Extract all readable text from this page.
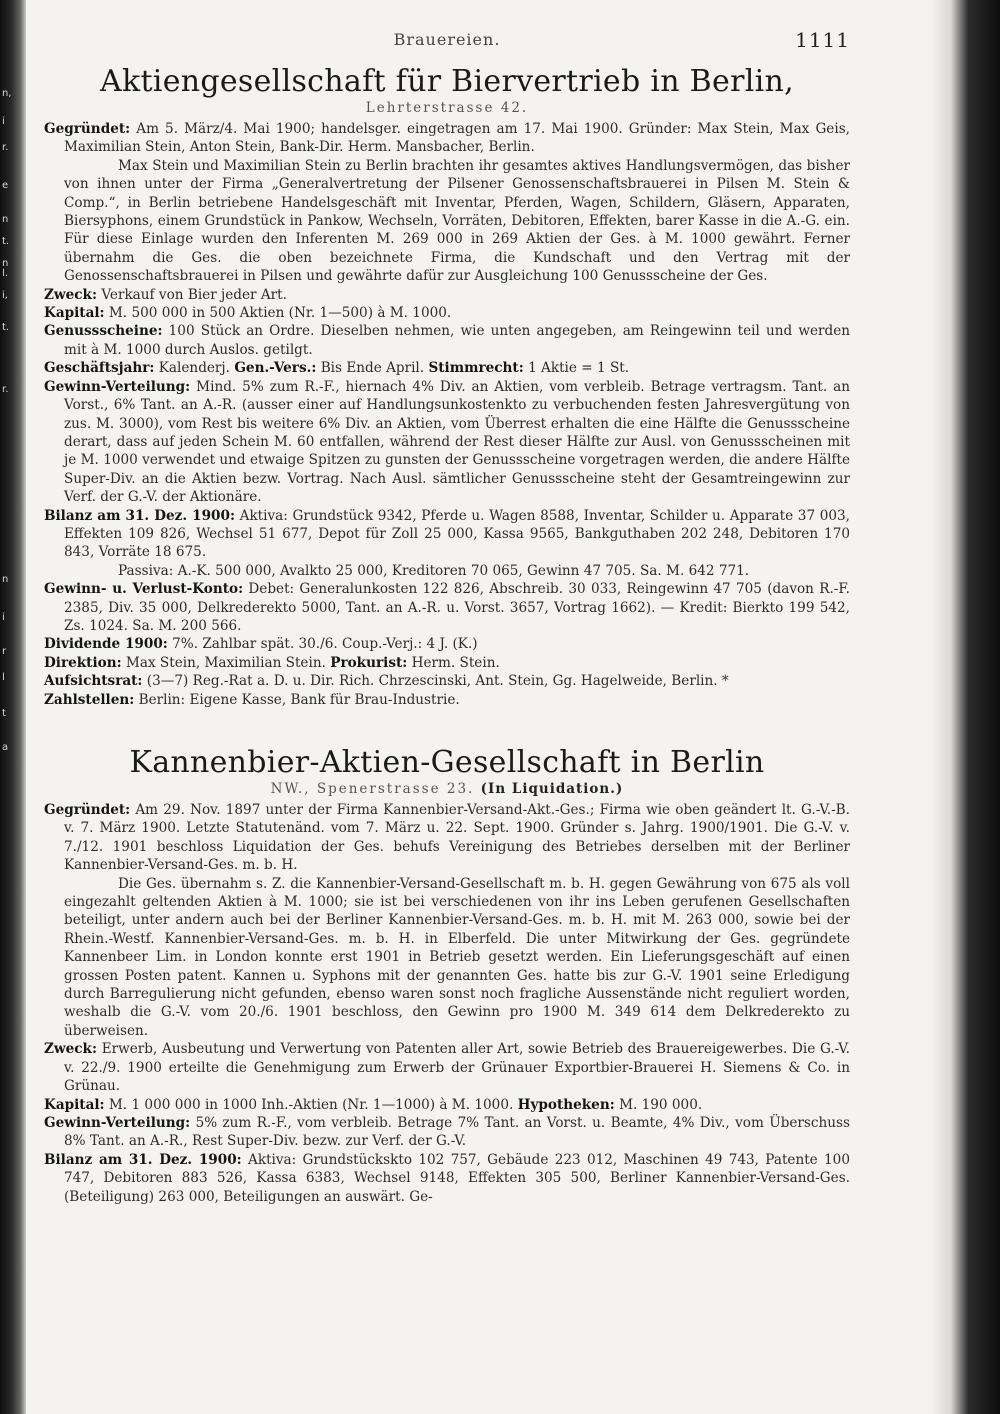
n,
i
r.
e
n
t.
n
l.
i,
t.
r.
n
i
r
l
t
a
Brauereien.	1111
Aktiengesellschaft für Biervertrieb in Berlin,
Lehrterstrasse 42.

Gegründet: Am 5. März/4. Mai 1900; handelsger. eingetragen am 17. Mai 1900. Gründer: Max Stein, Max Geis, Maximilian Stein, Anton Stein, Bank-Dir. Herm. Mansbacher, Berlin.

Max Stein und Maximilian Stein zu Berlin brachten ihr gesamtes aktives Handlungsvermögen, das bisher von ihnen unter der Firma „Generalvertretung der Pilsener Genossenschaftsbrauerei in Pilsen M. Stein & Comp.“, in Berlin betriebene Handelsgeschäft mit Inventar, Pferden, Wagen, Schildern, Gläsern, Apparaten, Biersyphons, einem Grundstück in Pankow, Wechseln, Vorräten, Debitoren, Effekten, barer Kasse in die A.-G. ein. Für diese Einlage wurden den Inferenten M. 269 000 in 269 Aktien der Ges. à M. 1000 gewährt. Ferner übernahm die Ges. die oben bezeichnete Firma, die Kundschaft und den Vertrag mit der Genossenschaftsbrauerei in Pilsen und gewährte dafür zur Ausgleichung 100 Genussscheine der Ges.

Zweck: Verkauf von Bier jeder Art.

Kapital: M. 500 000 in 500 Aktien (Nr. 1—500) à M. 1000.

Genussscheine: 100 Stück an Ordre. Dieselben nehmen, wie unten angegeben, am Reingewinn teil und werden mit à M. 1000 durch Auslos. getilgt.

Geschäftsjahr: Kalenderj. Gen.-Vers.: Bis Ende April. Stimmrecht: 1 Aktie = 1 St.

Gewinn-Verteilung: Mind. 5% zum R.-F., hiernach 4% Div. an Aktien, vom verbleib. Betrage vertragsm. Tant. an Vorst., 6% Tant. an A.-R. (ausser einer auf Handlungsunkostenkto zu verbuchenden festen Jahresvergütung von zus. M. 3000), vom Rest bis weitere 6% Div. an Aktien, vom Überrest erhalten die eine Hälfte die Genussscheine derart, dass auf jeden Schein M. 60 entfallen, während der Rest dieser Hälfte zur Ausl. von Genussscheinen mit je M. 1000 verwendet und etwaige Spitzen zu gunsten der Genussscheine vorgetragen werden, die andere Hälfte Super-Div. an die Aktien bezw. Vortrag. Nach Ausl. sämtlicher Genussscheine steht der Gesamtreingewinn zur Verf. der G.-V. der Aktionäre.

Bilanz am 31. Dez. 1900: Aktiva: Grundstück 9342, Pferde u. Wagen 8588, Inventar, Schilder u. Apparate 37 003, Effekten 109 826, Wechsel 51 677, Depot für Zoll 25 000, Kassa 9565, Bankguthaben 202 248, Debitoren 170 843, Vorräte 18 675.

Passiva: A.-K. 500 000, Avalkto 25 000, Kreditoren 70 065, Gewinn 47 705. Sa. M. 642 771.

Gewinn- u. Verlust-Konto: Debet: Generalunkosten 122 826, Abschreib. 30 033, Reingewinn 47 705 (davon R.-F. 2385, Div. 35 000, Delkrederekto 5000, Tant. an A.-R. u. Vorst. 3657, Vortrag 1662). — Kredit: Bierkto 199 542, Zs. 1024. Sa. M. 200 566.

Dividende 1900: 7%. Zahlbar spät. 30./6. Coup.-Verj.: 4 J. (K.)

Direktion: Max Stein, Maximilian Stein. Prokurist: Herm. Stein.

Aufsichtsrat: (3—7) Reg.-Rat a. D. u. Dir. Rich. Chrzescinski, Ant. Stein, Gg. Hagelweide, Berlin. *

Zahlstellen: Berlin: Eigene Kasse, Bank für Brau-Industrie.

Kannenbier-Aktien-Gesellschaft in Berlin
NW., Spenerstrasse 23. (In Liquidation.)

Gegründet: Am 29. Nov. 1897 unter der Firma Kannenbier-Versand-Akt.-Ges.; Firma wie oben geändert lt. G.-V.-B. v. 7. März 1900. Letzte Statutenänd. vom 7. März u. 22. Sept. 1900. Gründer s. Jahrg. 1900/1901. Die G.-V. v. 7./12. 1901 beschloss Liquidation der Ges. behufs Vereinigung des Betriebes derselben mit der Berliner Kannenbier-Versand-Ges. m. b. H.

Die Ges. übernahm s. Z. die Kannenbier-Versand-Gesellschaft m. b. H. gegen Gewährung von 675 als voll eingezahlt geltenden Aktien à M. 1000; sie ist bei verschiedenen von ihr ins Leben gerufenen Gesellschaften beteiligt, unter andern auch bei der Berliner Kannenbier-Versand-Ges. m. b. H. mit M. 263 000, sowie bei der Rhein.-Westf. Kannenbier-Versand-Ges. m. b. H. in Elberfeld. Die unter Mitwirkung der Ges. gegründete Kannenbeer Lim. in London konnte erst 1901 in Betrieb gesetzt werden. Ein Lieferungsgeschäft auf einen grossen Posten patent. Kannen u. Syphons mit der genannten Ges. hatte bis zur G.-V. 1901 seine Erledigung durch Barregulierung nicht gefunden, ebenso waren sonst noch fragliche Aussenstände nicht reguliert worden, weshalb die G.-V. vom 20./6. 1901 beschloss, den Gewinn pro 1900 M. 349 614 dem Delkrederekto zu überweisen.

Zweck: Erwerb, Ausbeutung und Verwertung von Patenten aller Art, sowie Betrieb des Brauereigewerbes. Die G.-V. v. 22./9. 1900 erteilte die Genehmigung zum Erwerb der Grünauer Exportbier-Brauerei H. Siemens & Co. in Grünau.

Kapital: M. 1 000 000 in 1000 Inh.-Aktien (Nr. 1—1000) à M. 1000. Hypotheken: M. 190 000.

Gewinn-Verteilung: 5% zum R.-F., vom verbleib. Betrage 7% Tant. an Vorst. u. Beamte, 4% Div., vom Überschuss 8% Tant. an A.-R., Rest Super-Div. bezw. zur Verf. der G.-V.

Bilanz am 31. Dez. 1900: Aktiva: Grundstückskto 102 757, Gebäude 223 012, Maschinen 49 743, Patente 100 747, Debitoren 883 526, Kassa 6383, Wechsel 9148, Effekten 305 500, Berliner Kannenbier-Versand-Ges. (Beteiligung) 263 000, Beteiligungen an auswärt. Ge-
